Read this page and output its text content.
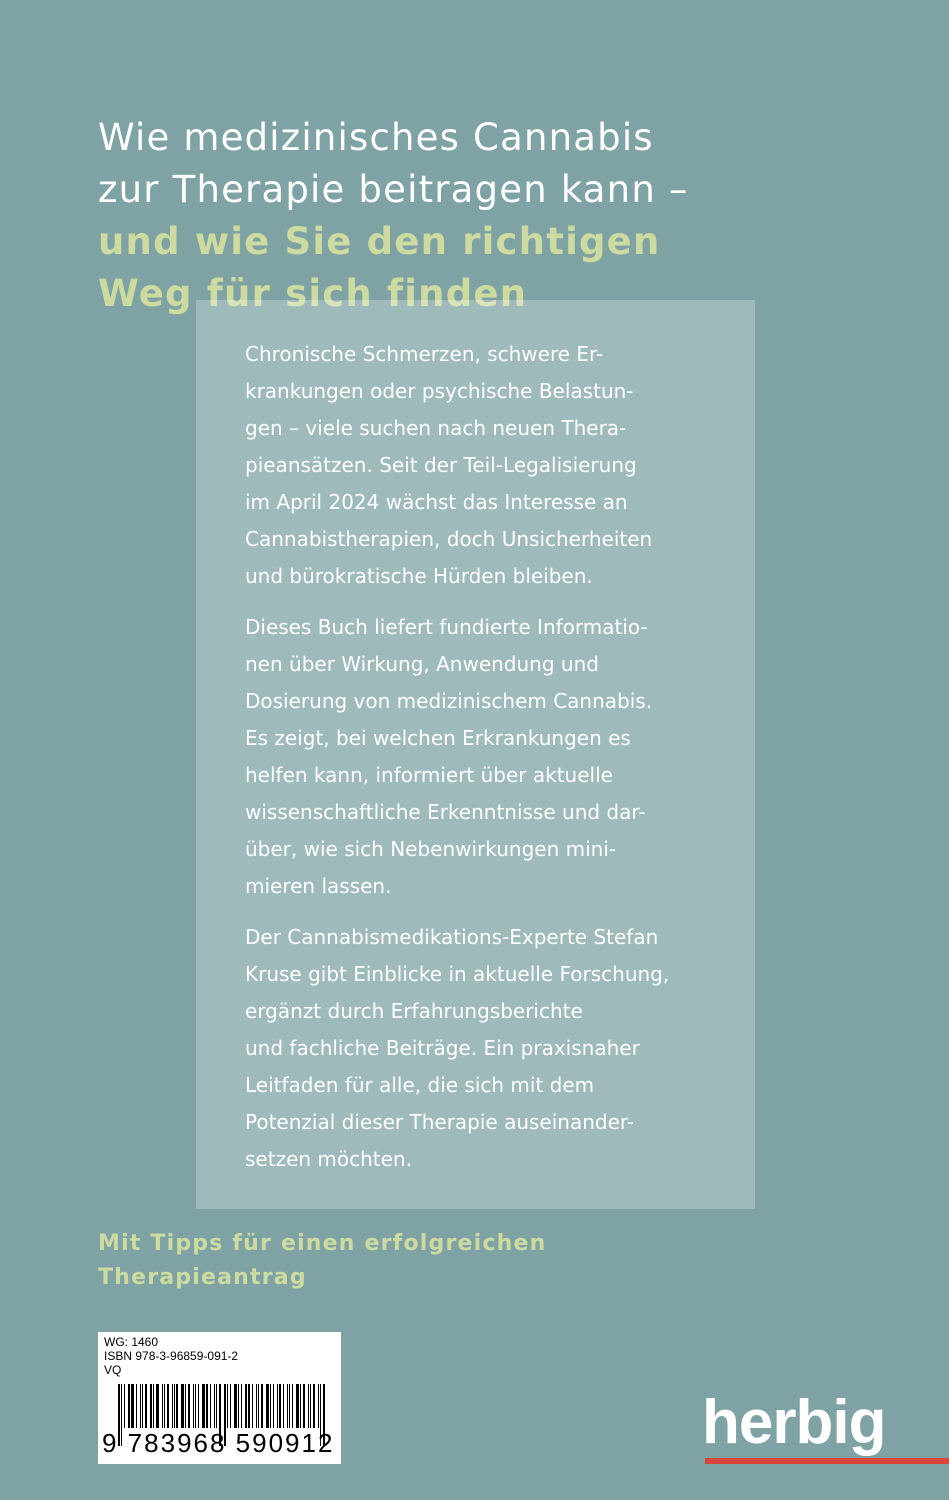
Wie medizinisches Cannabis
zur Therapie beitragen kann –
und wie Sie den richtigen
Weg für sich finden

Chronische Schmerzen, schwere Er-
krankungen oder psychische Belastun-
gen – viele suchen nach neuen Thera-
pieansätzen. Seit der Teil-Legalisierung
im April 2024 wächst das Interesse an
Cannabistherapien, doch Unsicherheiten
und bürokratische Hürden bleiben.

Dieses Buch liefert fundierte Informatio-
nen über Wirkung, Anwendung und
Dosierung von medizinischem Cannabis.
Es zeigt, bei welchen Erkrankungen es
helfen kann, informiert über aktuelle
wissenschaftliche Erkenntnisse und dar-
über, wie sich Nebenwirkungen mini-
mieren lassen.

Der Cannabismedikations-Experte Stefan
Kruse gibt Einblicke in aktuelle Forschung,
ergänzt durch Erfahrungsberichte
und fachliche Beiträge. Ein praxisnaher
Leitfaden für alle, die sich mit dem
Potenzial dieser Therapie auseinander-
setzen möchten.

Mit Tipps für einen erfolgreichen
Therapieantrag
WG: 1460
ISBN 978-3-96859-091-2
VQ
9 783968 590912	herbig
